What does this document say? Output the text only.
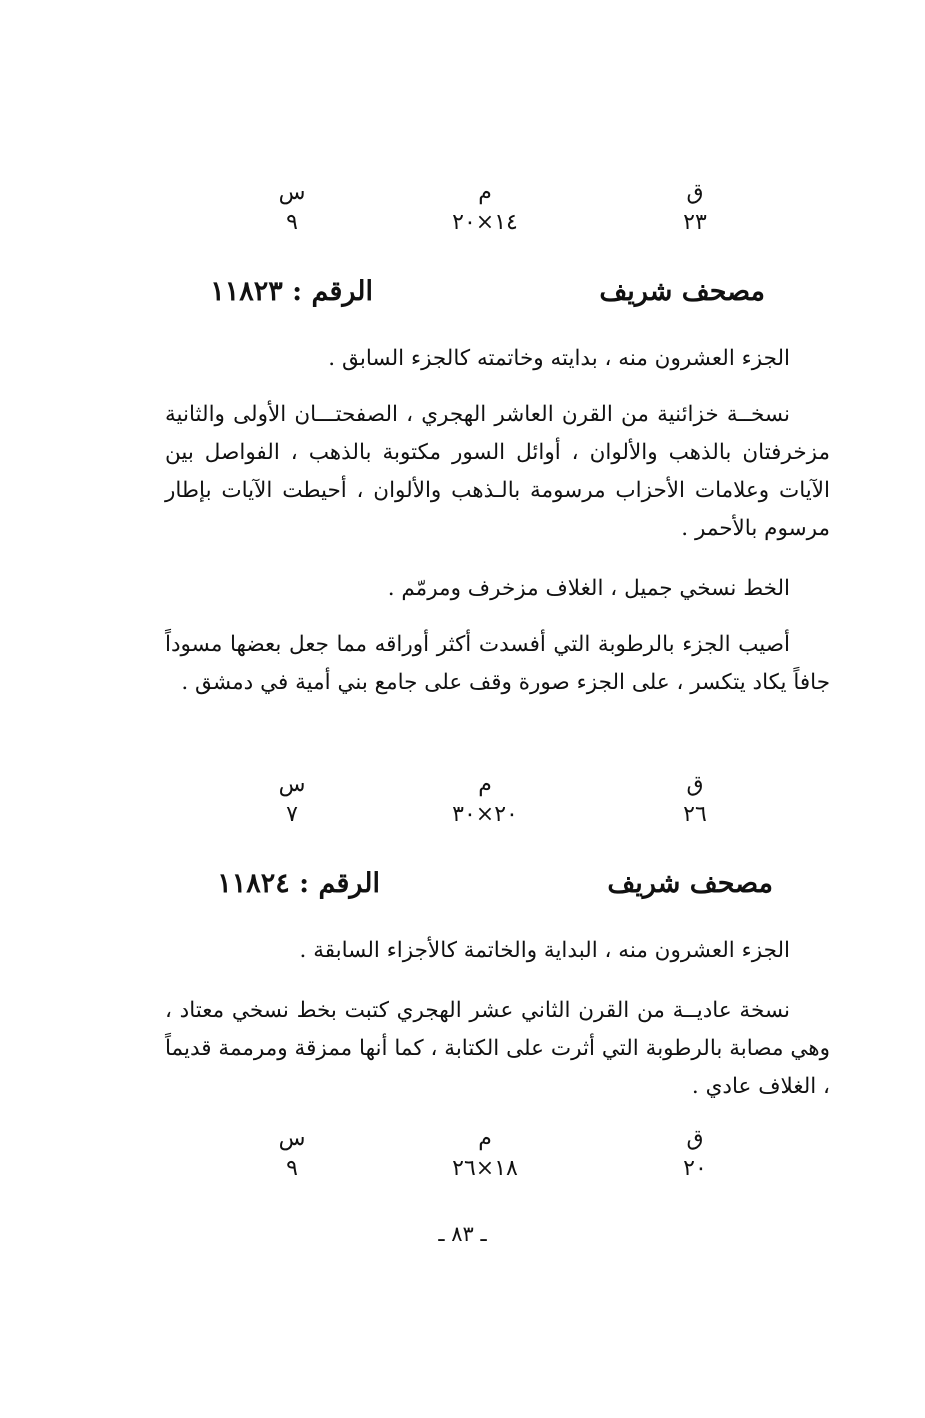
ق
٢٣
م
١٤×٢٠
س
٩
مصحف شريف
الرقم : ١١٨٢٣

الجزء العشرون منه ، بدايته وخاتمته كالجزء السابق .

نسخــة خزائنية من القرن العاشر الهجري ، الصفحتـــان الأولى والثانية مزخرفتان بالذهب والألوان ، أوائل السور مكتوبة بالذهب ، الفواصل بين الآيات وعلامات الأحزاب مرسومة بالـذهب والألوان ، أحيطت الآيات بإطار مرسوم بالأحمر .

الخط نسخي جميل ، الغلاف مزخرف ومرمّم .

أصيب الجزء بالرطوبة التي أفسدت أكثر أوراقه مما جعل بعضها مسوداً جافاً يكاد يتكسر ، على الجزء صورة وقف على جامع بني أمية في دمشق .

ق
٢٦
م
٢٠×٣٠
س
٧
مصحف شريف
الرقم : ١١٨٢٤

الجزء العشرون منه ، البداية والخاتمة كالأجزاء السابقة .

نسخة عاديــة من القرن الثاني عشر الهجري كتبت بخط نسخي معتاد ، وهي مصابة بالرطوبة التي أثرت على الكتابة ، كما أنها ممزقة ومرممة قديماً ، الغلاف عادي .

ق
٢٠
م
١٨×٢٦
س
٩
ـ ٨٣ ـ
